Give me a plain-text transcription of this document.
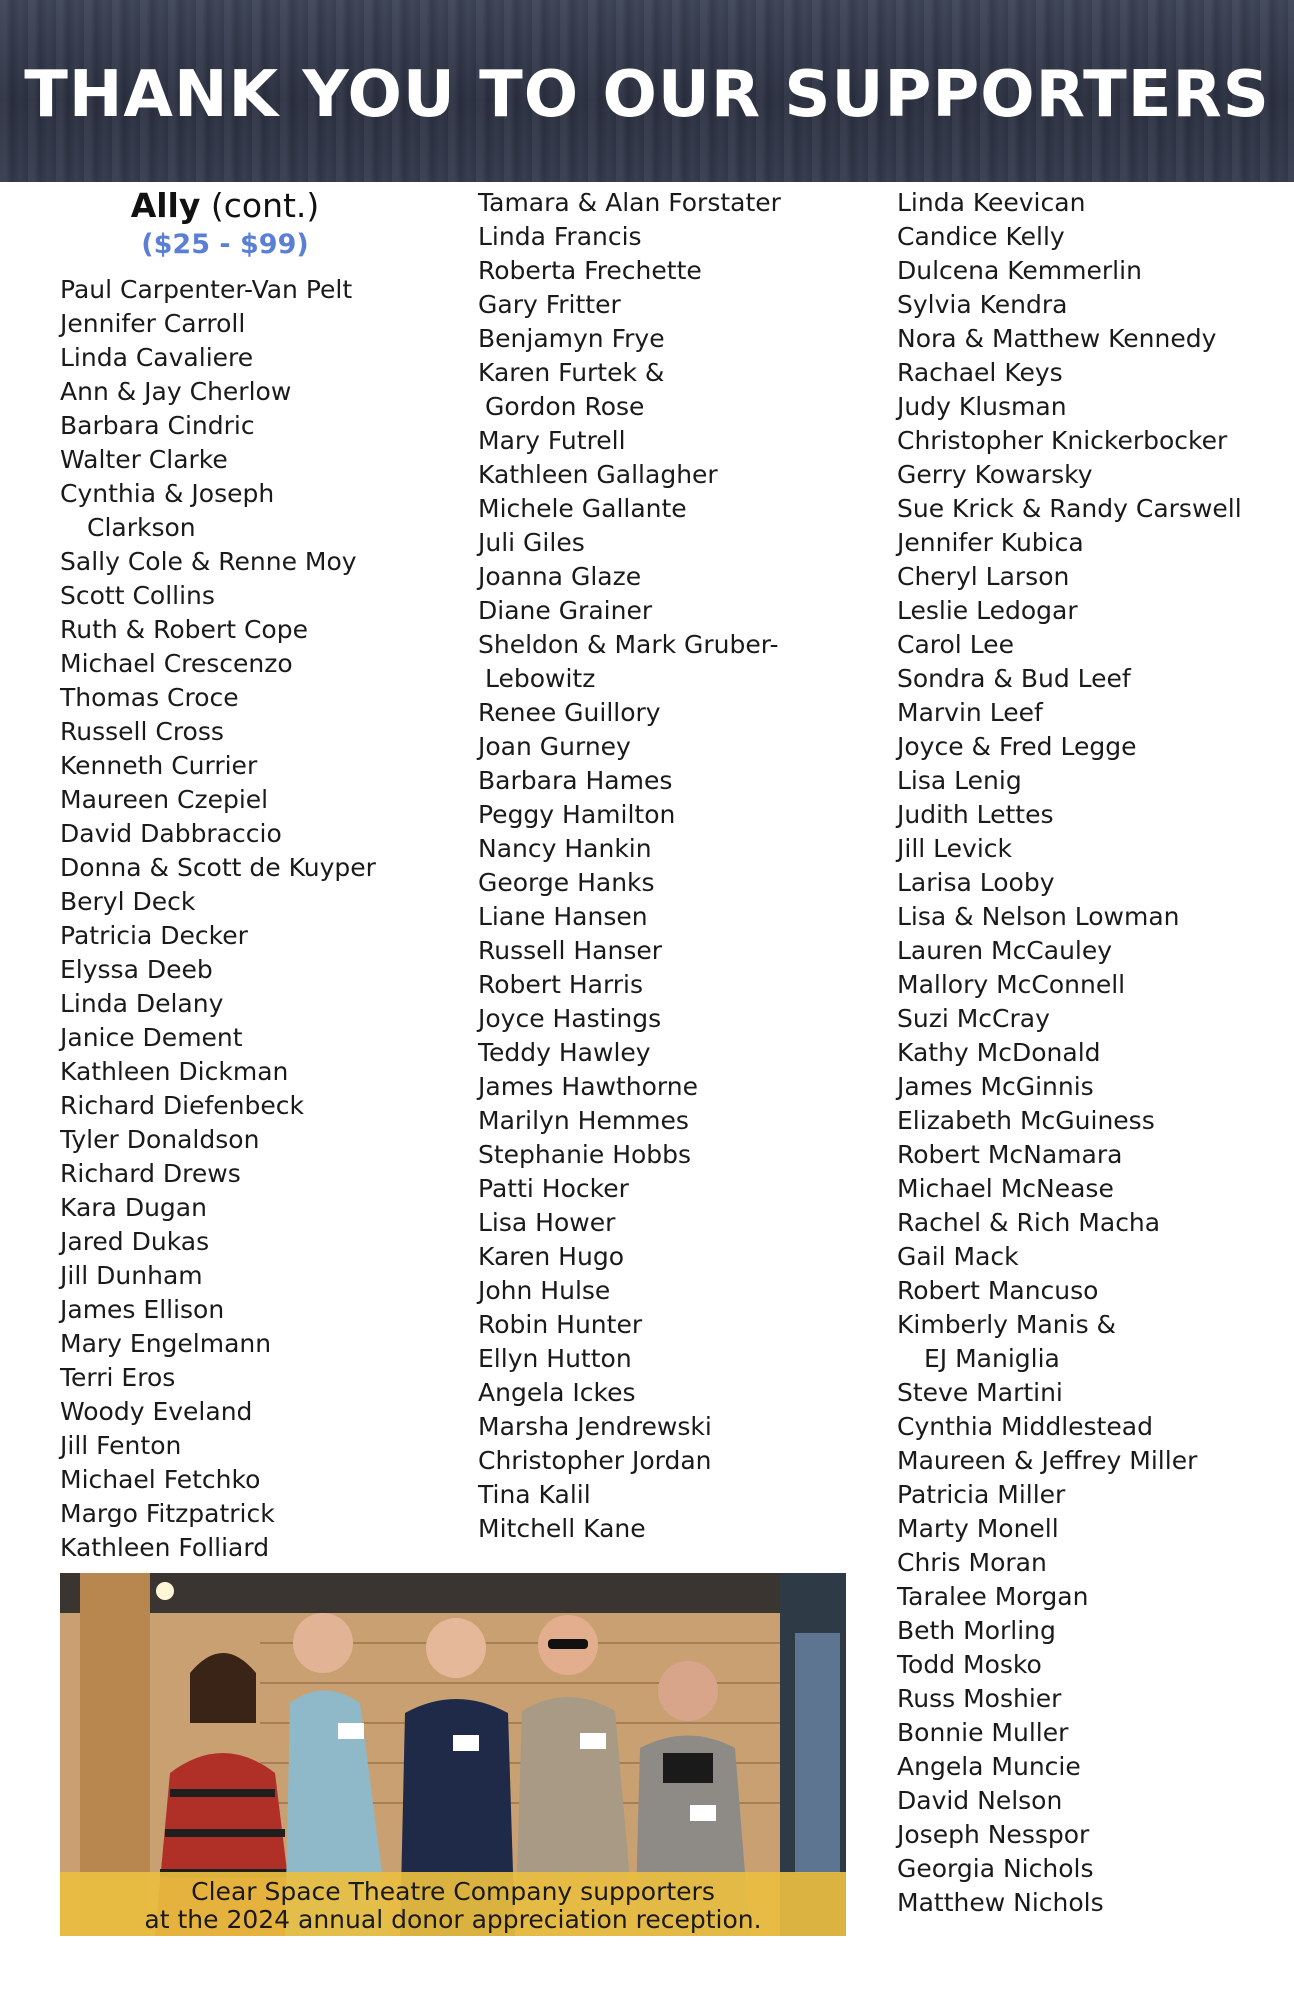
THANK YOU TO OUR SUPPORTERS
Ally (cont.)
($25 - $99)
Paul Carpenter-Van Pelt
Jennifer Carroll
Linda Cavaliere
Ann & Jay Cherlow
Barbara Cindric
Walter Clarke
Cynthia & Joseph
Clarkson
Sally Cole & Renne Moy
Scott Collins
Ruth & Robert Cope
Michael Crescenzo
Thomas Croce
Russell Cross
Kenneth Currier
Maureen Czepiel
David Dabbraccio
Donna & Scott de Kuyper
Beryl Deck
Patricia Decker
Elyssa Deeb
Linda Delany
Janice Dement
Kathleen Dickman
Richard Diefenbeck
Tyler Donaldson
Richard Drews
Kara Dugan
Jared Dukas
Jill Dunham
James Ellison
Mary Engelmann
Terri Eros
Woody Eveland
Jill Fenton
Michael Fetchko
Margo Fitzpatrick
Kathleen Folliard
Tamara & Alan Forstater
Linda Francis
Roberta Frechette
Gary Fritter
Benjamyn Frye
Karen Furtek &
Gordon Rose
Mary Futrell
Kathleen Gallagher
Michele Gallante
Juli Giles
Joanna Glaze
Diane Grainer
Sheldon & Mark Gruber-
Lebowitz
Renee Guillory
Joan Gurney
Barbara Hames
Peggy Hamilton
Nancy Hankin
George Hanks
Liane Hansen
Russell Hanser
Robert Harris
Joyce Hastings
Teddy Hawley
James Hawthorne
Marilyn Hemmes
Stephanie Hobbs
Patti Hocker
Lisa Hower
Karen Hugo
John Hulse
Robin Hunter
Ellyn Hutton
Angela Ickes
Marsha Jendrewski
Christopher Jordan
Tina Kalil
Mitchell Kane
Linda Keevican
Candice Kelly
Dulcena Kemmerlin
Sylvia Kendra
Nora & Matthew Kennedy
Rachael Keys
Judy Klusman
Christopher Knickerbocker
Gerry Kowarsky
Sue Krick & Randy Carswell
Jennifer Kubica
Cheryl Larson
Leslie Ledogar
Carol Lee
Sondra & Bud Leef
Marvin Leef
Joyce & Fred Legge
Lisa Lenig
Judith Lettes
Jill Levick
Larisa Looby
Lisa & Nelson Lowman
Lauren McCauley
Mallory McConnell
Suzi McCray
Kathy McDonald
James McGinnis
Elizabeth McGuiness
Robert McNamara
Michael McNease
Rachel & Rich Macha
Gail Mack
Robert Mancuso
Kimberly Manis &
EJ Maniglia
Steve Martini
Cynthia Middlestead
Maureen & Jeffrey Miller
Patricia Miller
Marty Monell
Chris Moran
Taralee Morgan
Beth Morling
Todd Mosko
Russ Moshier
Bonnie Muller
Angela Muncie
David Nelson
Joseph Nesspor
Georgia Nichols
Matthew Nichols
Clear Space Theatre Company supporters
at the 2024 annual donor appreciation reception.
